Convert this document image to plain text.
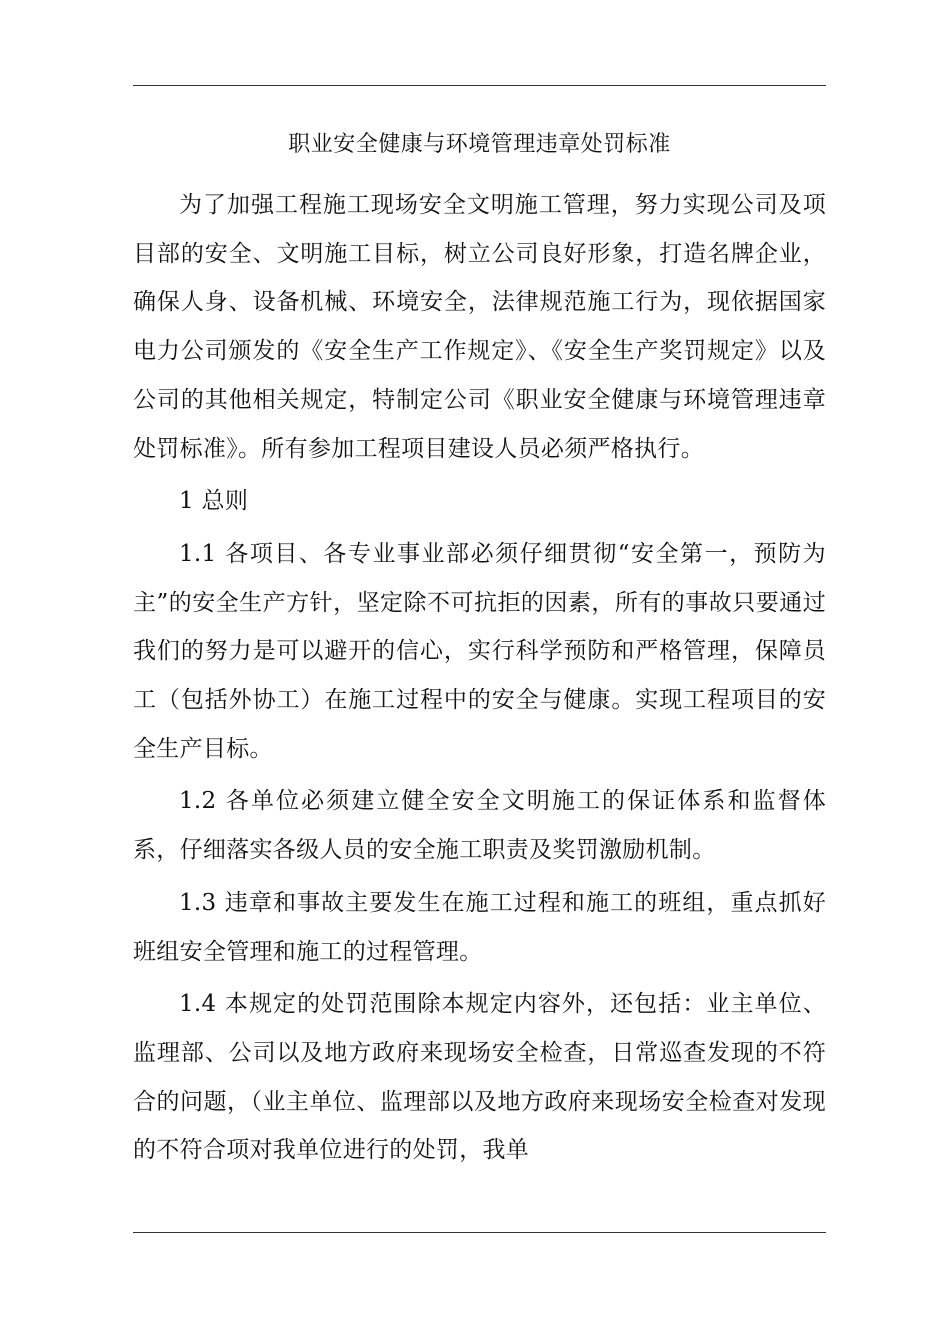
职业安全健康与环境管理违章处罚标准

为了加强工程施工现场安全文明施工管理，努力实现公司及项目部的安全、文明施工目标，树立公司良好形象，打造名牌企业，确保人身、设备机械、环境安全，法律规范施工行为，现依据国家电力公司颁发的《安全生产工作规定》、《安全生产奖罚规定》以及公司的其他相关规定，特制定公司《职业安全健康与环境管理违章处罚标准》。所有参加工程项目建设人员必须严格执行。

1 总则

1.1 各项目、各专业事业部必须仔细贯彻“安全第一，预防为主”的安全生产方针，坚定除不可抗拒的因素，所有的事故只要通过我们的努力是可以避开的信心，实行科学预防和严格管理，保障员工（包括外协工）在施工过程中的安全与健康。实现工程项目的安全生产目标。

1.2 各单位必须建立健全安全文明施工的保证体系和监督体系，仔细落实各级人员的安全施工职责及奖罚激励机制。

1.3 违章和事故主要发生在施工过程和施工的班组，重点抓好班组安全管理和施工的过程管理。

1.4 本规定的处罚范围除本规定内容外，还包括：业主单位、监理部、公司以及地方政府来现场安全检查，日常巡查发现的不符合的问题，（业主单位、监理部以及地方政府来现场安全检查对发现的不符合项对我单位进行的处罚，我单
